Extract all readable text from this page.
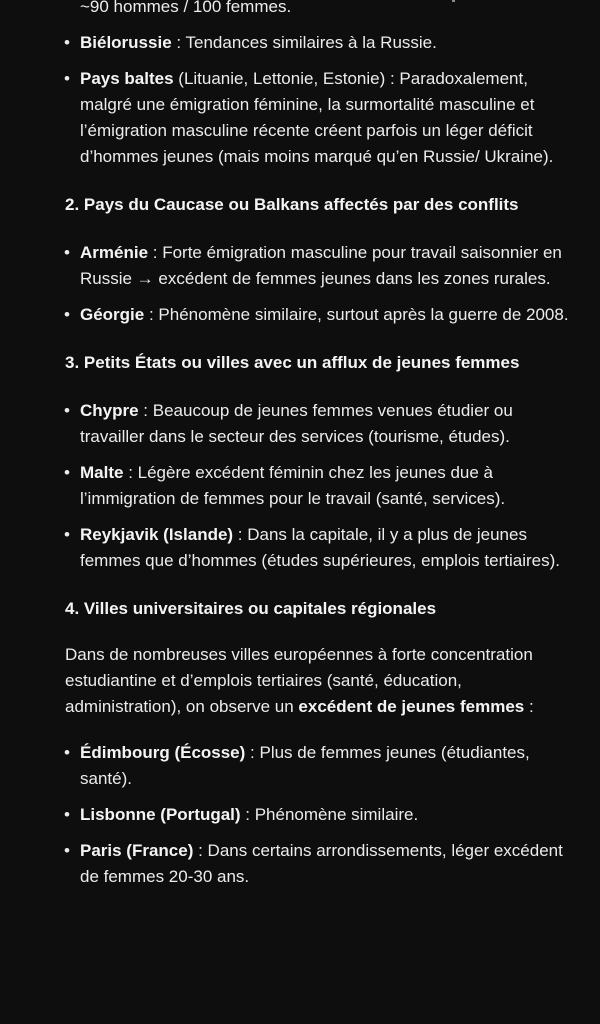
~90 hommes / 100 femmes.
• Biélorussie : Tendances similaires à la Russie.
• Pays baltes (Lituanie, Lettonie, Estonie) : Paradoxalement, malgré une émigration féminine, la surmortalité masculine et l’émigration masculine récente créent parfois un léger déficit d’hommes jeunes (mais moins marqué qu’en Russie/ Ukraine).
2. Pays du Caucase ou Balkans affectés par des conflits
• Arménie : Forte émigration masculine pour travail saisonnier en Russie → excédent de femmes jeunes dans les zones rurales.
• Géorgie : Phénomène similaire, surtout après la guerre de 2008.
3. Petits États ou villes avec un afflux de jeunes femmes
• Chypre : Beaucoup de jeunes femmes venues étudier ou travailler dans le secteur des services (tourisme, études).
• Malte : Légère excédent féminin chez les jeunes due à l’immigration de femmes pour le travail (santé, services).
• Reykjavik (Islande) : Dans la capitale, il y a plus de jeunes femmes que d’hommes (études supérieures, emplois tertiaires).
4. Villes universitaires ou capitales régionales
Dans de nombreuses villes européennes à forte concentration estudiantine et d’emplois tertiaires (santé, éducation, administration), on observe un excédent de jeunes femmes :
• Édimbourg (Écosse) : Plus de femmes jeunes (étudiantes, santé).
• Lisbonne (Portugal) : Phénomène similaire.
• Paris (France) : Dans certains arrondissements, léger excédent de femmes 20-30 ans.
